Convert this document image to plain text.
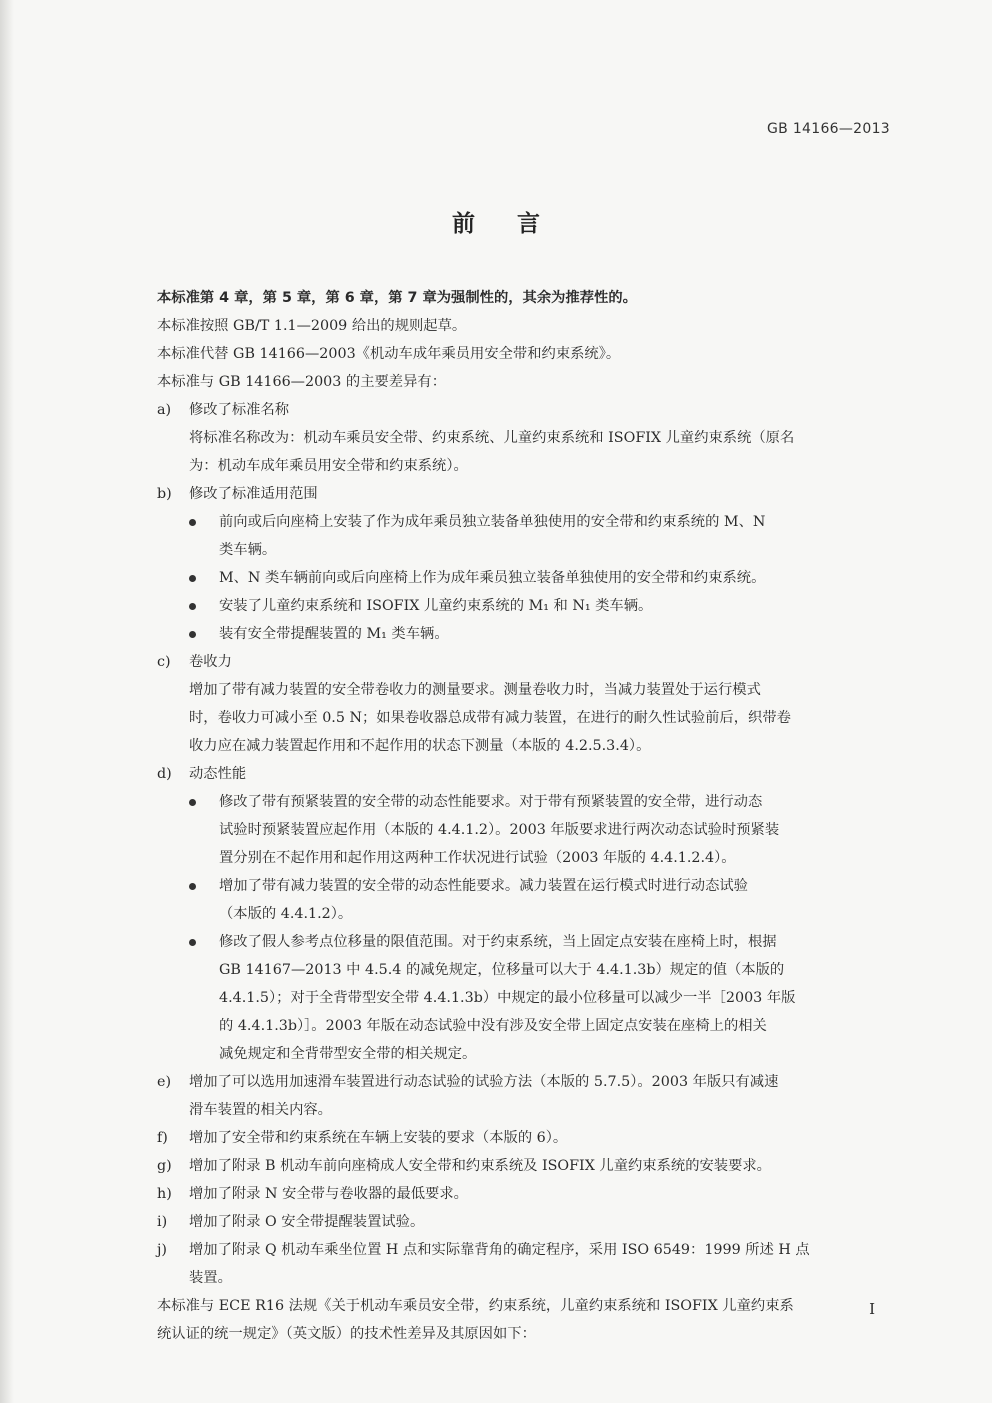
GB 14166—2013
前言
本标准第 4 章，第 5 章，第 6 章，第 7 章为强制性的，其余为推荐性的。
本标准按照 GB/T 1.1—2009 给出的规则起草。
本标准代替 GB 14166—2003《机动车成年乘员用安全带和约束系统》。
本标准与 GB 14166—2003 的主要差异有：
a)	修改了标准名称
将标准名称改为：机动车乘员安全带、约束系统、儿童约束系统和 ISOFIX 儿童约束系统（原名
为：机动车成年乘员用安全带和约束系统）。
b)	修改了标准适用范围
前向或后向座椅上安装了作为成年乘员独立装备单独使用的安全带和约束系统的 M、N
类车辆。
M、N 类车辆前向或后向座椅上作为成年乘员独立装备单独使用的安全带和约束系统。
安装了儿童约束系统和 ISOFIX 儿童约束系统的 M₁ 和 N₁ 类车辆。
装有安全带提醒装置的 M₁ 类车辆。
c)	卷收力
增加了带有减力装置的安全带卷收力的测量要求。测量卷收力时，当减力装置处于运行模式
时，卷收力可减小至 0.5 N；如果卷收器总成带有减力装置，在进行的耐久性试验前后，织带卷
收力应在减力装置起作用和不起作用的状态下测量（本版的 4.2.5.3.4）。
d)	动态性能
修改了带有预紧装置的安全带的动态性能要求。对于带有预紧装置的安全带，进行动态
试验时预紧装置应起作用（本版的 4.4.1.2）。2003 年版要求进行两次动态试验时预紧装
置分别在不起作用和起作用这两种工作状况进行试验（2003 年版的 4.4.1.2.4）。
增加了带有减力装置的安全带的动态性能要求。减力装置在运行模式时进行动态试验
（本版的 4.4.1.2）。
修改了假人参考点位移量的限值范围。对于约束系统，当上固定点安装在座椅上时，根据
GB 14167—2013 中 4.5.4 的减免规定，位移量可以大于 4.4.1.3b）规定的值（本版的
4.4.1.5）；对于全背带型安全带 4.4.1.3b）中规定的最小位移量可以减少一半［2003 年版
的 4.4.1.3b）］。2003 年版在动态试验中没有涉及安全带上固定点安装在座椅上的相关
减免规定和全背带型安全带的相关规定。
e)	增加了可以选用加速滑车装置进行动态试验的试验方法（本版的 5.7.5）。2003 年版只有减速
滑车装置的相关内容。
f)	增加了安全带和约束系统在车辆上安装的要求（本版的 6）。
g)	增加了附录 B 机动车前向座椅成人安全带和约束系统及 ISOFIX 儿童约束系统的安装要求。
h)	增加了附录 N 安全带与卷收器的最低要求。
i)	增加了附录 O 安全带提醒装置试验。
j)	增加了附录 Q 机动车乘坐位置 H 点和实际靠背角的确定程序，采用 ISO 6549：1999 所述 H 点
装置。
本标准与 ECE R16 法规《关于机动车乘员安全带，约束系统，儿童约束系统和 ISOFIX 儿童约束系
统认证的统一规定》（英文版）的技术性差异及其原因如下：
I
